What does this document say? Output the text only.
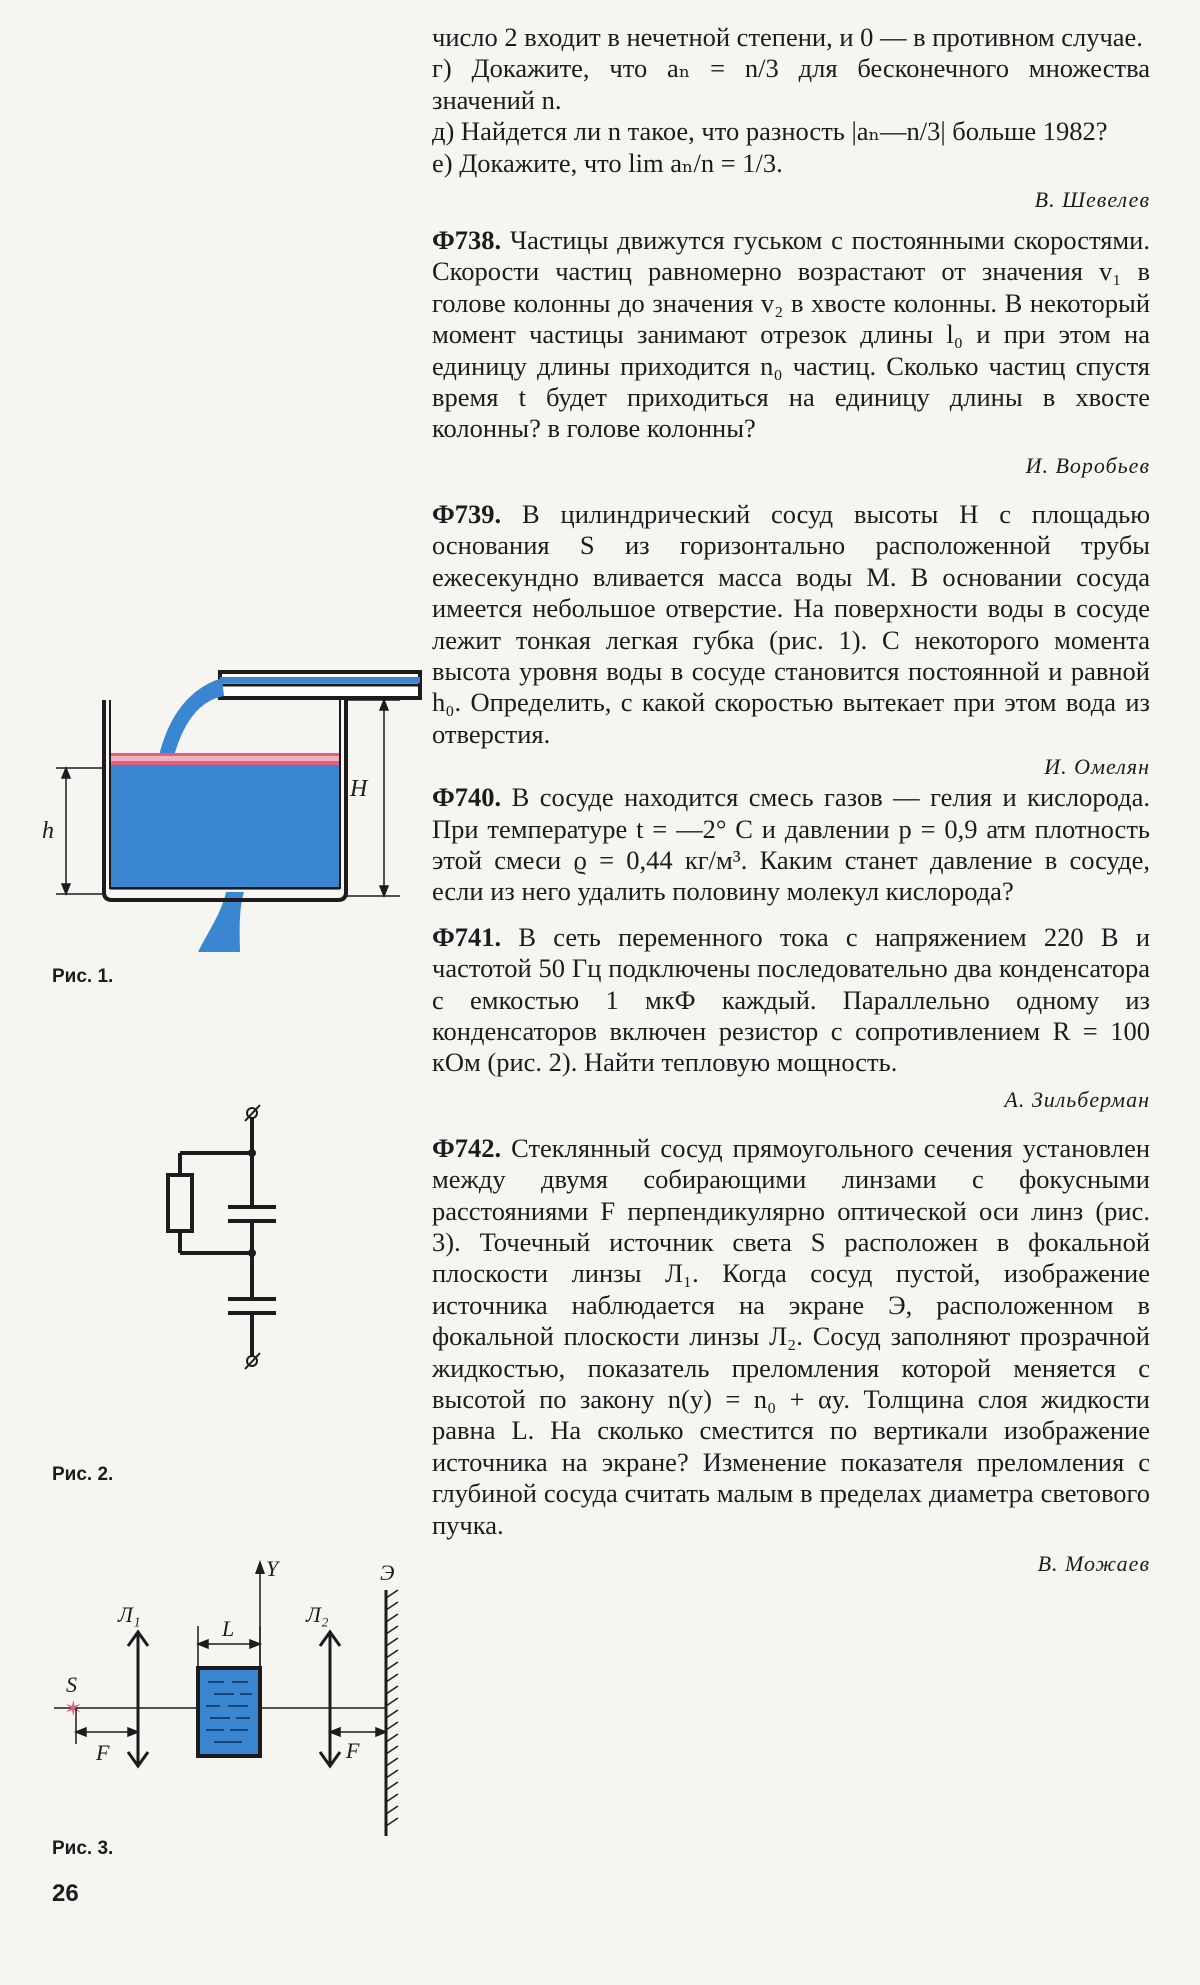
число 2 входит в нечетной степени, и 0 — в противном случае.

г) Докажите, что aₙ = n/3 для бесконечного множества значений n.

д) Найдется ли n такое, что разность |aₙ—n/3| больше 1982?

е) Докажите, что lim aₙ/n = 1/3.

В. Шевелев

Ф738. Частицы движутся гуськом с постоянными скоростями. Скорости частиц равномерно возрастают от значения v₁ в голове колонны до значения v₂ в хвосте колонны. В некоторый момент частицы занимают отрезок длины l₀ и при этом на единицу длины приходится n₀ частиц. Сколько частиц спустя время t будет приходиться на единицу длины в хвосте колонны? в голове колонны?

И. Воробьев

Ф739. В цилиндрический сосуд высоты H с площадью основания S из горизонтально расположенной трубы ежесекундно вливается масса воды M. В основании сосуда имеется небольшое отверстие. На поверхности воды в сосуде лежит тонкая легкая губка (рис. 1). С некоторого момента высота уровня воды в сосуде становится постоянной и равной h₀. Определить, с какой скоростью вытекает при этом вода из отверстия.

И. Омелян

Ф740. В сосуде находится смесь газов — гелия и кислорода. При температуре t = —2° С и давлении p = 0,9 атм плотность этой смеси ϱ = 0,44 кг/м³. Каким станет давление в сосуде, если из него удалить половину молекул кислорода?

Ф741. В сеть переменного тока с напряжением 220 В и частотой 50 Гц подключены последовательно два конденсатора с емкостью 1 мкФ каждый. Параллельно одному из конденсаторов включен резистор с сопротивлением R = 100 кОм (рис. 2). Найти тепловую мощность.

А. Зильберман

Ф742. Стеклянный сосуд прямоугольного сечения установлен между двумя собирающими линзами с фокусными расстояниями F перпендикулярно оптической оси линз (рис. 3). Точечный источник света S расположен в фокальной плоскости линзы Л₁. Когда сосуд пустой, изображение источника наблюдается на экране Э, расположенном в фокальной плоскости линзы Л₂. Сосуд заполняют прозрачной жидкостью, показатель преломления которой меняется с высотой по закону n(y) = n₀ + αy. Толщина слоя жидкости равна L. На сколько сместится по вертикали изображение источника на экране? Изменение показателя преломления с глубиной сосуда считать малым в пределах диаметра светового пучка.

В. Можаев
h
H
Рис. 1.
Рис. 2.
Y
✶
S
Л₁	Л₂
L
Э
F	F
Рис. 3.
26
